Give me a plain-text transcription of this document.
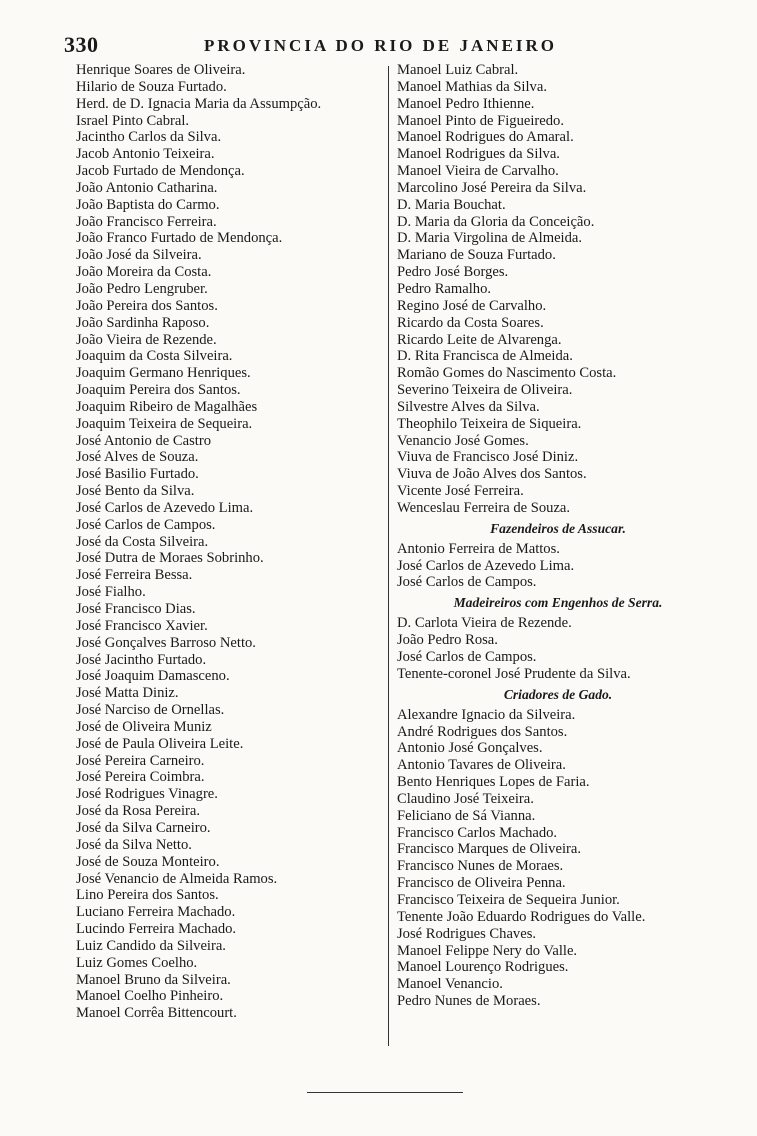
330	PROVINCIA DO RIO DE JANEIRO
Henrique Soares de Oliveira.
Hilario de Souza Furtado.
Herd. de D. Ignacia Maria da Assumpção.
Israel Pinto Cabral.
Jacintho Carlos da Silva.
Jacob Antonio Teixeira.
Jacob Furtado de Mendonça.
João Antonio Catharina.
João Baptista do Carmo.
João Francisco Ferreira.
João Franco Furtado de Mendonça.
João José da Silveira.
João Moreira da Costa.
João Pedro Lengruber.
João Pereira dos Santos.
João Sardinha Raposo.
João Vieira de Rezende.
Joaquim da Costa Silveira.
Joaquim Germano Henriques.
Joaquim Pereira dos Santos.
Joaquim Ribeiro de Magalhães
Joaquim Teixeira de Sequeira.
José Antonio de Castro
José Alves de Souza.
José Basilio Furtado.
José Bento da Silva.
José Carlos de Azevedo Lima.
José Carlos de Campos.
José da Costa Silveira.
José Dutra de Moraes Sobrinho.
José Ferreira Bessa.
José Fialho.
José Francisco Dias.
José Francisco Xavier.
José Gonçalves Barroso Netto.
José Jacintho Furtado.
José Joaquim Damasceno.
José Matta Diniz.
José Narciso de Ornellas.
José de Oliveira Muniz
José de Paula Oliveira Leite.
José Pereira Carneiro.
José Pereira Coimbra.
José Rodrigues Vinagre.
José da Rosa Pereira.
José da Silva Carneiro.
José da Silva Netto.
José de Souza Monteiro.
José Venancio de Almeida Ramos.
Lino Pereira dos Santos.
Luciano Ferreira Machado.
Lucindo Ferreira Machado.
Luiz Candido da Silveira.
Luiz Gomes Coelho.
Manoel Bruno da Silveira.
Manoel Coelho Pinheiro.
Manoel Corrêa Bittencourt.
Manoel Luiz Cabral.
Manoel Mathias da Silva.
Manoel Pedro Ithienne.
Manoel Pinto de Figueiredo.
Manoel Rodrigues do Amaral.
Manoel Rodrigues da Silva.
Manoel Vieira de Carvalho.
Marcolino José Pereira da Silva.
D. Maria Bouchat.
D. Maria da Gloria da Conceição.
D. Maria Virgolina de Almeida.
Mariano de Souza Furtado.
Pedro José Borges.
Pedro Ramalho.
Regino José de Carvalho.
Ricardo da Costa Soares.
Ricardo Leite de Alvarenga.
D. Rita Francisca de Almeida.
Romão Gomes do Nascimento Costa.
Severino Teixeira de Oliveira.
Silvestre Alves da Silva.
Theophilo Teixeira de Siqueira.
Venancio José Gomes.
Viuva de Francisco José Diniz.
Viuva de João Alves dos Santos.
Vicente José Ferreira.
Wenceslau Ferreira de Souza.
Fazendeiros de Assucar.
Antonio Ferreira de Mattos.
José Carlos de Azevedo Lima.
José Carlos de Campos.
Madeireiros com Engenhos de Serra.
D. Carlota Vieira de Rezende.
João Pedro Rosa.
José Carlos de Campos.
Tenente-coronel José Prudente da Silva.
Criadores de Gado.
Alexandre Ignacio da Silveira.
André Rodrigues dos Santos.
Antonio José Gonçalves.
Antonio Tavares de Oliveira.
Bento Henriques Lopes de Faria.
Claudino José Teixeira.
Feliciano de Sá Vianna.
Francisco Carlos Machado.
Francisco Marques de Oliveira.
Francisco Nunes de Moraes.
Francisco de Oliveira Penna.
Francisco Teixeira de Sequeira Junior.
Tenente João Eduardo Rodrigues do Valle.
José Rodrigues Chaves.
Manoel Felippe Nery do Valle.
Manoel Lourenço Rodrigues.
Manoel Venancio.
Pedro Nunes de Moraes.
